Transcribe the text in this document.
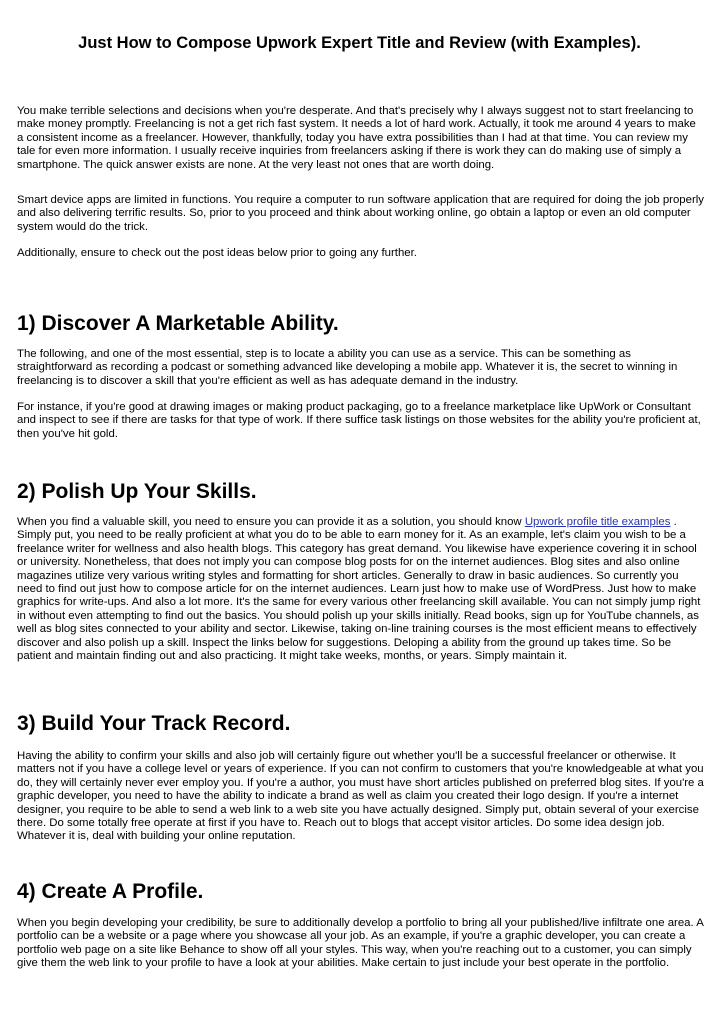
Just How to Compose Upwork Expert Title and Review (with Examples).

You make terrible selections and decisions when you're desperate. And that's precisely why I always suggest not to start freelancing to make money promptly. Freelancing is not a get rich fast system. It needs a lot of hard work. Actually, it took me around 4 years to make a consistent income as a freelancer. However, thankfully, today you have extra possibilities than I had at that time. You can review my tale for even more information. I usually receive inquiries from freelancers asking if there is work they can do making use of simply a smartphone. The quick answer exists are none. At the very least not ones that are worth doing.

Smart device apps are limited in functions. You require a computer to run software application that are required for doing the job properly and also delivering terrific results. So, prior to you proceed and think about working online, go obtain a laptop or even an old computer system would do the trick.

Additionally, ensure to check out the post ideas below prior to going any further.

1) Discover A Marketable Ability.

The following, and one of the most essential, step is to locate a ability you can use as a service. This can be something as straightforward as recording a podcast or something advanced like developing a mobile app. Whatever it is, the secret to winning in freelancing is to discover a skill that you're efficient as well as has adequate demand in the industry.

For instance, if you're good at drawing images or making product packaging, go to a freelance marketplace like UpWork or Consultant and inspect to see if there are tasks for that type of work. If there suffice task listings on those websites for the ability you're proficient at, then you've hit gold.

2) Polish Up Your Skills.

When you find a valuable skill, you need to ensure you can provide it as a solution, you should know Upwork profile title examples . Simply put, you need to be really proficient at what you do to be able to earn money for it. As an example, let's claim you wish to be a freelance writer for wellness and also health blogs. This category has great demand. You likewise have experience covering it in school or university. Nonetheless, that does not imply you can compose blog posts for on the internet audiences. Blog sites and also online magazines utilize very various writing styles and formatting for short articles. Generally to draw in basic audiences. So currently you need to find out just how to compose article for on the internet audiences. Learn just how to make use of WordPress. Just how to make graphics for write-ups. And also a lot more. It's the same for every various other freelancing skill available. You can not simply jump right in without even attempting to find out the basics. You should polish up your skills initially. Read books, sign up for YouTube channels, as well as blog sites connected to your ability and sector. Likewise, taking on-line training courses is the most efficient means to effectively discover and also polish up a skill. Inspect the links below for suggestions. Deloping a ability from the ground up takes time. So be patient and maintain finding out and also practicing. It might take weeks, months, or years. Simply maintain it.

3) Build Your Track Record.

Having the ability to confirm your skills and also job will certainly figure out whether you'll be a successful freelancer or otherwise. It matters not if you have a college level or years of experience. If you can not confirm to customers that you're knowledgeable at what you do, they will certainly never ever employ you. If you're a author, you must have short articles published on preferred blog sites. If you're a graphic developer, you need to have the ability to indicate a brand as well as claim you created their logo design. If you're a internet designer, you require to be able to send a web link to a web site you have actually designed. Simply put, obtain several of your exercise there. Do some totally free operate at first if you have to. Reach out to blogs that accept visitor articles. Do some idea design job. Whatever it is, deal with building your online reputation.

4) Create A Profile.

When you begin developing your credibility, be sure to additionally develop a portfolio to bring all your published/live infiltrate one area. A portfolio can be a website or a page where you showcase all your job. As an example, if you're a graphic developer, you can create a portfolio web page on a site like Behance to show off all your styles. This way, when you're reaching out to a customer, you can simply give them the web link to your profile to have a look at your abilities. Make certain to just include your best operate in the portfolio.
